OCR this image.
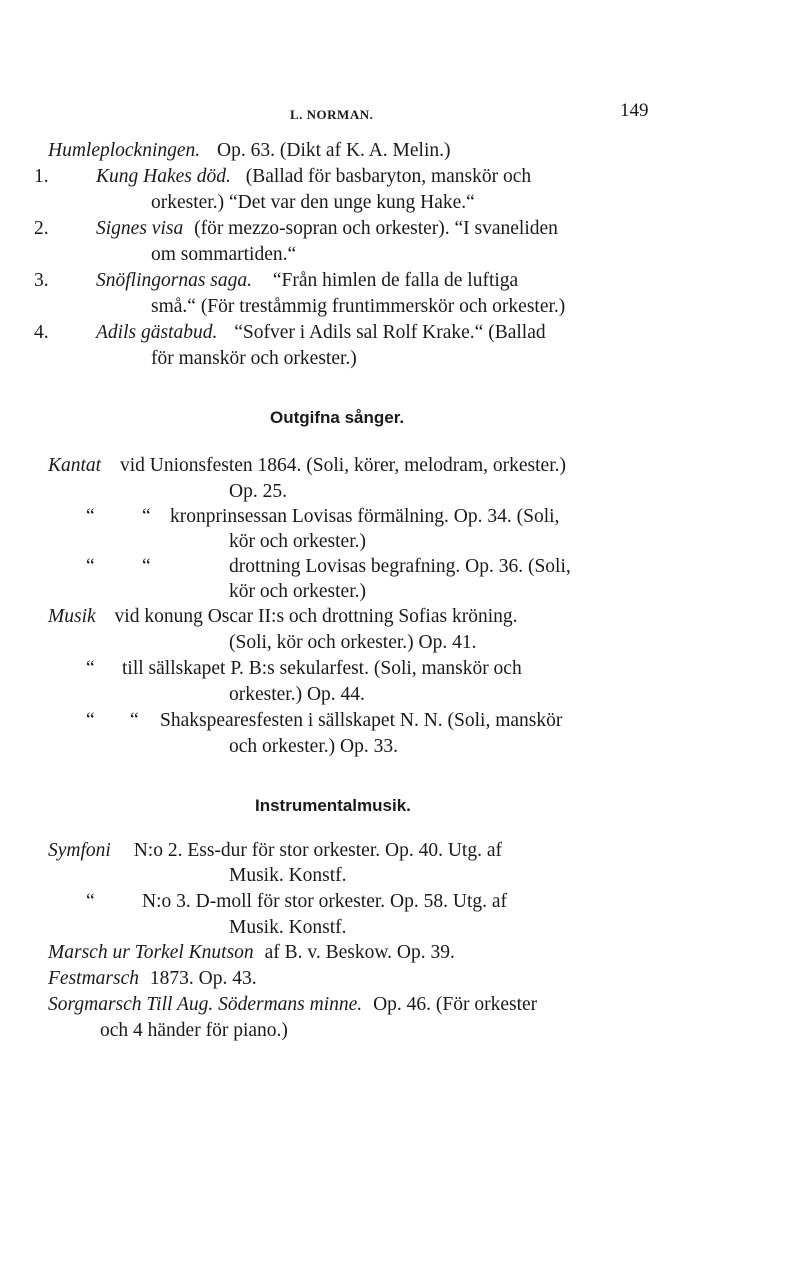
L. NORMAN.	149
Humleplockningen. Op. 63. (Dikt af K. A. Melin.)
1. Kung Hakes död. (Ballad för basbaryton, manskör och
orkester.) “Det var den unge kung Hake.“
2. Signes visa (för mezzo-sopran och orkester). “I svaneliden
om sommartiden.“
3. Snöflingornas saga. “Från himlen de falla de luftiga
små.“ (För treståmmig fruntimmerskör och orkester.)
4. Adils gästabud. “Sofver i Adils sal Rolf Krake.“ (Ballad
för manskör och orkester.)
Outgifna sånger.
Kantat vid Unionsfesten 1864. (Soli, körer, melodram, orkester.)
Op. 25.
“ “ kronprinsessan Lovisas förmälning. Op. 34. (Soli,
kör och orkester.)
“ “	drottning Lovisas begrafning. Op. 36. (Soli,
kör och orkester.)
Musik vid konung Oscar II:s och drottning Sofias kröning.
(Soli, kör och orkester.) Op. 41.
“ till sällskapet P. B:s sekularfest. (Soli, manskör och
orkester.) Op. 44.
“ “ Shakspearesfesten i sällskapet N. N. (Soli, manskör
och orkester.) Op. 33.
Instrumentalmusik.
Symfoni N:o 2. Ess-dur för stor orkester. Op. 40. Utg. af
Musik. Konstf.
“ N:o 3. D-moll för stor orkester. Op. 58. Utg. af
Musik. Konstf.
Marsch ur Torkel Knutson af B. v. Beskow. Op. 39.
Festmarsch 1873. Op. 43.
Sorgmarsch Till Aug. Södermans minne. Op. 46. (För orkester
och 4 händer för piano.)
